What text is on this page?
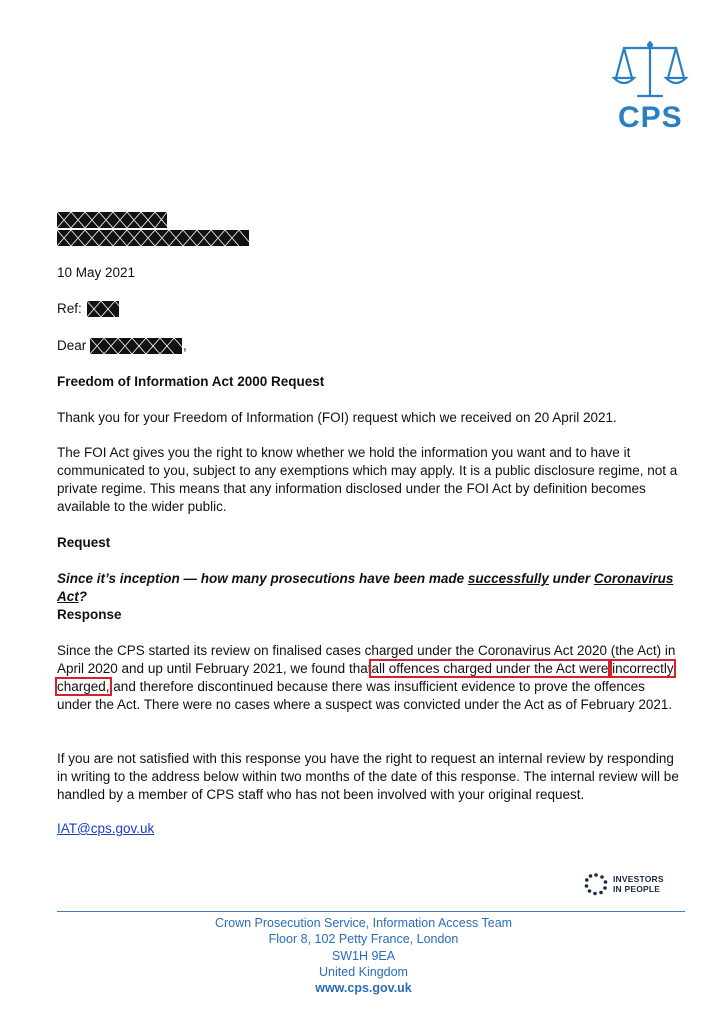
CPS
10 May 2021
Ref:
Dear	,
Freedom of Information Act 2000 Request
Thank you for your Freedom of Information (FOI) request which we received on 20 April 2021.
The FOI Act gives you the right to know whether we hold the information you want and to have it communicated to you, subject to any exemptions which may apply. It is a public disclosure regime, not a private regime. This means that any information disclosed under the FOI Act by definition becomes available to the wider public.
Request
Since it’s inception — how many prosecutions have been made successfully under Coronavirus Act?
Response
Since the CPS started its review on finalised cases charged under the Coronavirus Act 2020 (the Act) in April 2020 and up until February 2021, we found thatall offences charged under the Act were incorrectly charged, and therefore discontinued because there was insufficient evidence to prove the offences under the Act. There were no cases where a suspect was convicted under the Act as of February 2021.
If you are not satisfied with this response you have the right to request an internal review by responding in writing to the address below within two months of the date of this response. The internal review will be handled by a member of CPS staff who has not been involved with your original request.
IAT@cps.gov.uk
INVESTORS
IN PEOPLE
Crown Prosecution Service, Information Access Team
Floor 8, 102 Petty France, London
SW1H 9EA
United Kingdom
www.cps.gov.uk
